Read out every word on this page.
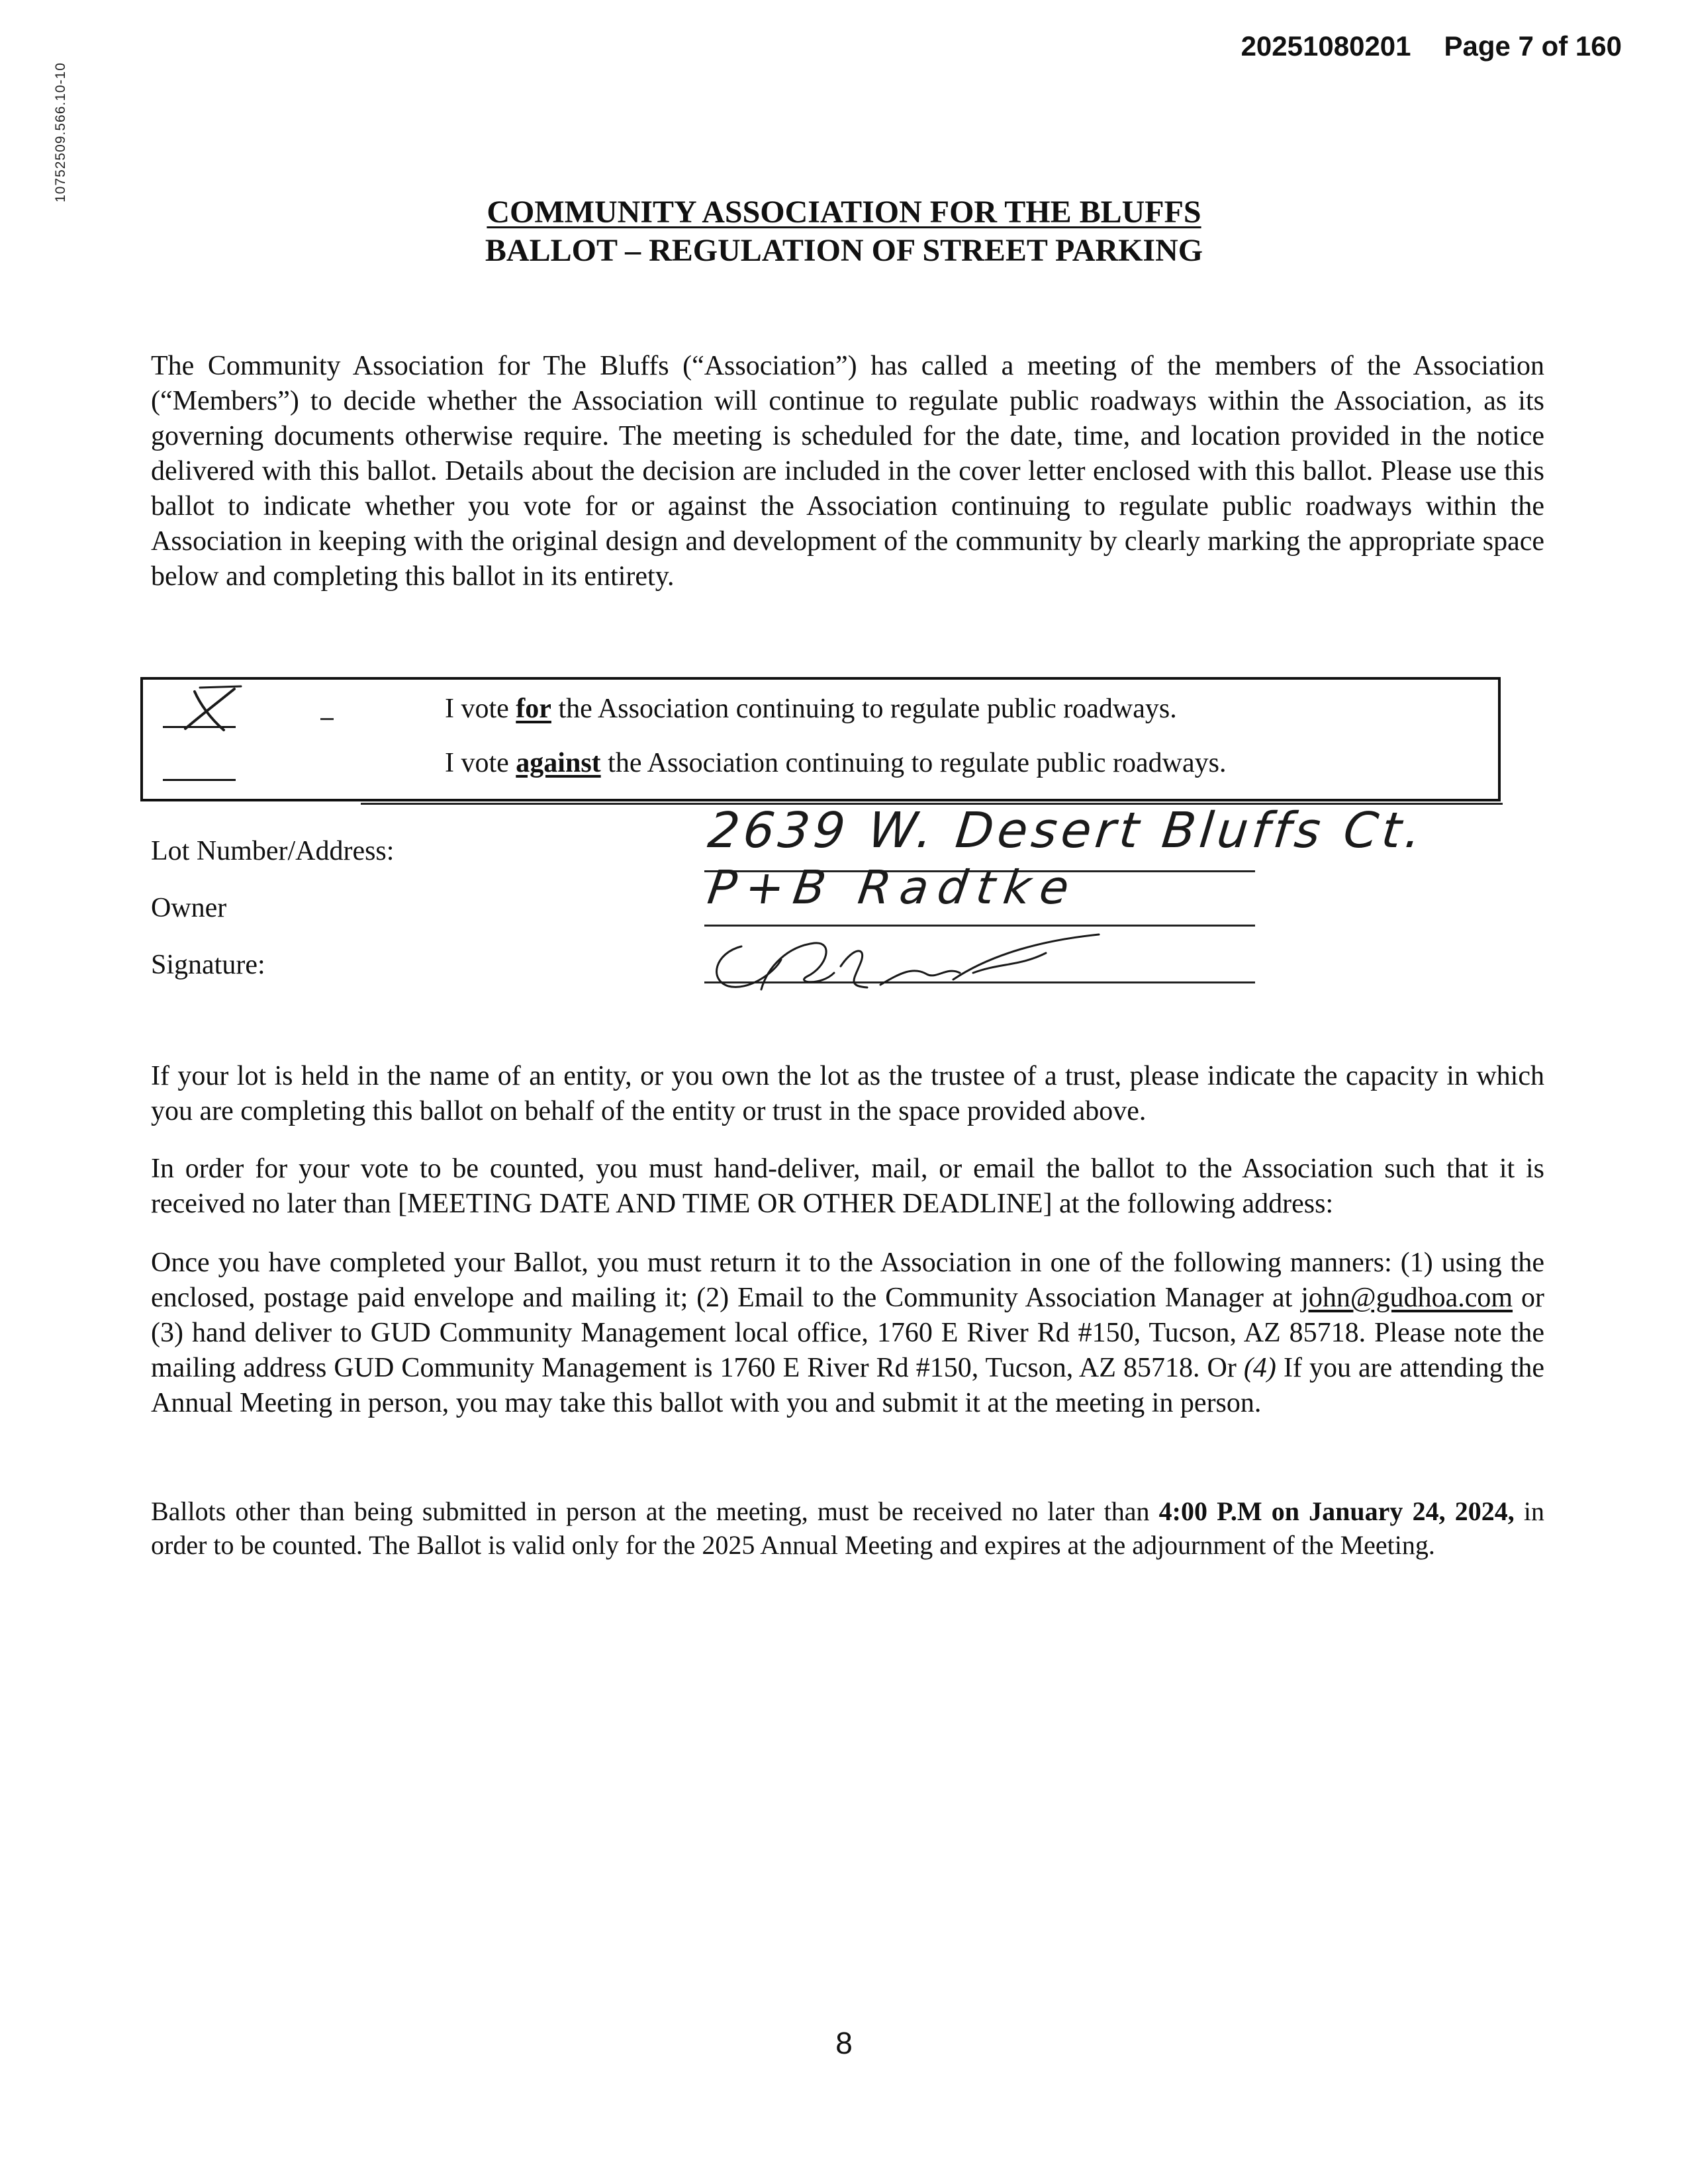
10752509.566.10-10
20251080201 Page 7 of 160
COMMUNITY ASSOCIATION FOR THE BLUFFS
BALLOT – REGULATION OF STREET PARKING
The Community Association for The Bluffs (“Association”) has called a meeting of the members of the Association (“Members”) to decide whether the Association will continue to regulate public roadways within the Association, as its governing documents otherwise require. The meeting is scheduled for the date, time, and location provided in the notice delivered with this ballot. Details about the decision are included in the cover letter enclosed with this ballot. Please use this ballot to indicate whether you vote for or against the Association continuing to regulate public roadways within the Association in keeping with the original design and development of the community by clearly marking the appropriate space below and completing this ballot in its entirety.
I vote for the Association continuing to regulate public roadways.
I vote against the Association continuing to regulate public roadways.
Lot Number/Address:	2639 W. Desert Bluffs Ct.
Owner	P+B Radtke
Signature:
If your lot is held in the name of an entity, or you own the lot as the trustee of a trust, please indicate the capacity in which you are completing this ballot on behalf of the entity or trust in the space provided above.
In order for your vote to be counted, you must hand-deliver, mail, or email the ballot to the Association such that it is received no later than [MEETING DATE AND TIME OR OTHER DEADLINE] at the following address:
Once you have completed your Ballot, you must return it to the Association in one of the following manners: (1) using the enclosed, postage paid envelope and mailing it; (2) Email to the Community Association Manager at john@gudhoa.com or (3) hand deliver to GUD Community Management local office, 1760 E River Rd #150, Tucson, AZ 85718. Please note the mailing address GUD Community Management is 1760 E River Rd #150, Tucson, AZ 85718. Or (4) If you are attending the Annual Meeting in person, you may take this ballot with you and submit it at the meeting in person.
Ballots other than being submitted in person at the meeting, must be received no later than 4:00 P.M on January 24, 2024, in order to be counted. The Ballot is valid only for the 2025 Annual Meeting and expires at the adjournment of the Meeting.
8
